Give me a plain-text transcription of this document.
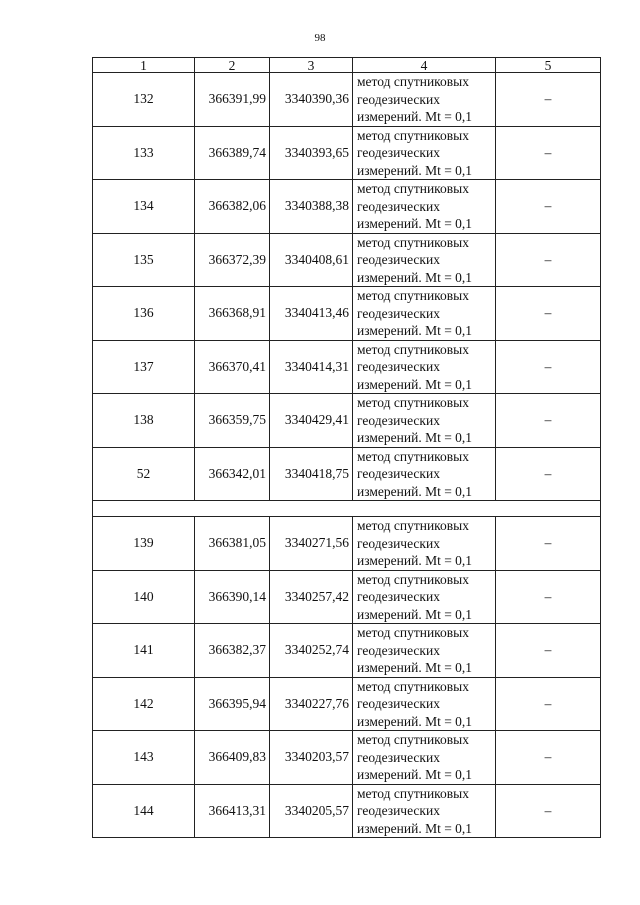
98
1	2	3	4	5
132	366391,99	3340390,36	метод спутниковых
геодезических
измерений. Mt = 0,1	–
133	366389,74	3340393,65	метод спутниковых
геодезических
измерений. Mt = 0,1	–
134	366382,06	3340388,38	метод спутниковых
геодезических
измерений. Mt = 0,1	–
135	366372,39	3340408,61	метод спутниковых
геодезических
измерений. Mt = 0,1	–
136	366368,91	3340413,46	метод спутниковых
геодезических
измерений. Mt = 0,1	–
137	366370,41	3340414,31	метод спутниковых
геодезических
измерений. Mt = 0,1	–
138	366359,75	3340429,41	метод спутниковых
геодезических
измерений. Mt = 0,1	–
52	366342,01	3340418,75	метод спутниковых
геодезических
измерений. Mt = 0,1	–

139	366381,05	3340271,56	метод спутниковых
геодезических
измерений. Mt = 0,1	–
140	366390,14	3340257,42	метод спутниковых
геодезических
измерений. Mt = 0,1	–
141	366382,37	3340252,74	метод спутниковых
геодезических
измерений. Mt = 0,1	–
142	366395,94	3340227,76	метод спутниковых
геодезических
измерений. Mt = 0,1	–
143	366409,83	3340203,57	метод спутниковых
геодезических
измерений. Mt = 0,1	–
144	366413,31	3340205,57	метод спутниковых
геодезических
измерений. Mt = 0,1	–
